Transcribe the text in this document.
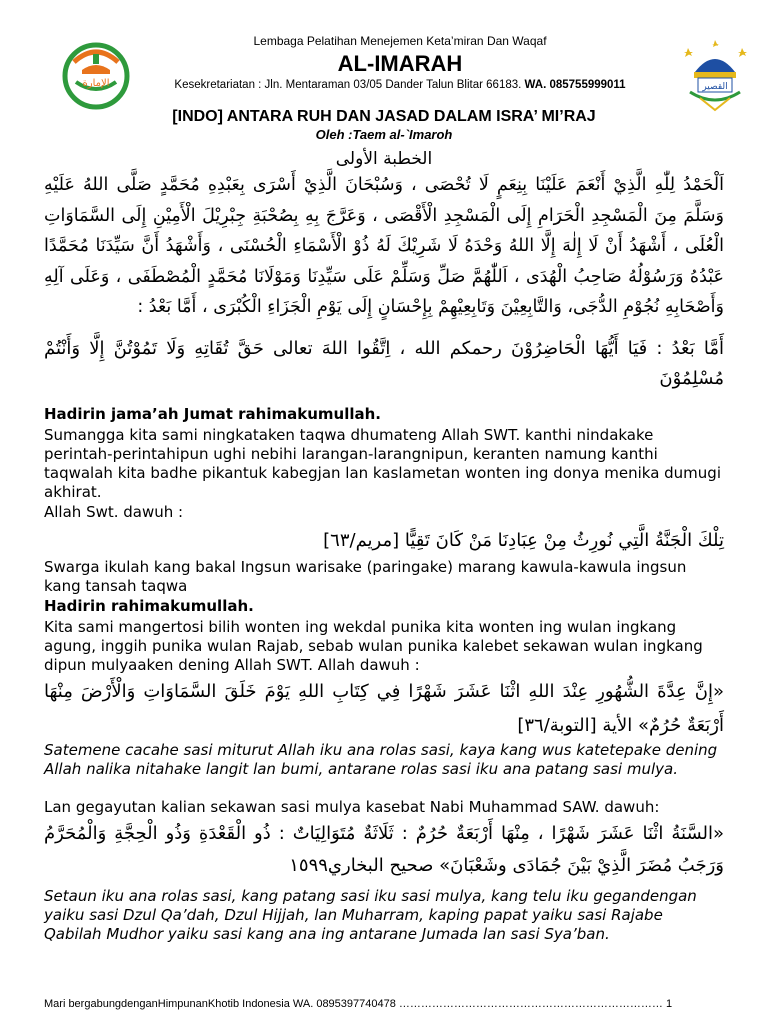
الإمارة
Lembaga Pelatihan Menejemen Keta’miran Dan Waqaf
AL-IMARAH
Kesekretariatan : Jln. Mentaraman 03/05 Dander Talun Blitar 66183. WA. 085755999011	القصير
[INDO] ANTARA RUH DAN JASAD DALAM ISRA’ MI’RAJ
Oleh :Taem al-`Imaroh
الخطبة الأولى
اَلْحَمْدُ لِلّٰهِ الَّذِيْ أَنْعَمَ عَلَيْنَا بِنِعَمٍ لَا تُحْصَى ، وَسُبْحَانَ الَّذِيْ أَسْرَى بِعَبْدِهِ مُحَمَّدٍ صَلَّى اللهُ عَلَيْهِ وَسَلَّمَ مِنَ الْمَسْجِدِ الْحَرَامِ إِلَى الْمَسْجِدِ الْأَقْصَى ، وَعَرَّجَ بِهِ بِصُحْبَةِ جِبْرِيْلَ الْأَمِيْنِ إِلَى السَّمَاوَاتِ الْعُلَى ، أَشْهَدُ أَنْ لَا إِلٰهَ إِلَّا اللهُ وَحْدَهُ لَا شَرِيْكَ لَهُ ذُوْ الْأَسْمَاءِ الْحُسْنَى ، وَأَشْهَدُ أَنَّ سَيِّدَنَا مُحَمَّدًا عَبْدُهُ وَرَسُوْلُهُ صَاحِبُ الْهُدَى ، اَللّٰهُمَّ صَلِّ وَسَلِّمْ عَلَى سَيِّدِنَا وَمَوْلَانَا مُحَمَّدٍ الْمُصْطَفَى ، وَعَلَى آلِهِ وَأَصْحَابِهِ نُجُوْمِ الدُّجَى، وَالتَّابِعِيْنَ وَتَابِعِيْهِمْ بِإِحْسَانٍ إِلَى يَوْمِ الْجَزَاءِ الْكُبْرَى ، أَمَّا بَعْدُ :
أَمَّا بَعْدُ : فَيَا أَيُّهَا الْحَاضِرُوْنَ رحمكم الله ، اِتَّقُوا اللهَ تعالى حَقَّ تُقَاتِهِ وَلَا تَمُوْتُنَّ إِلَّا وَأَنْتُمْ مُسْلِمُوْنَ
Hadirin jama’ah Jumat rahimakumullah.
Sumangga kita sami ningkataken taqwa dhumateng Allah SWT. kanthi nindakake perintah-perintahipun ughi nebihi larangan-larangnipun, keranten namung kanthi taqwalah kita badhe pikantuk kabegjan lan kaslametan wonten ing donya menika dumugi akhirat.
Allah Swt. dawuh :
تِلْكَ الْجَنَّةُ الَّتِي نُورِثُ مِنْ عِبَادِنَا مَنْ كَانَ تَقِيًّا [مريم/٦٣]
Swarga ikulah kang bakal Ingsun warisake (paringake) marang kawula-kawula ingsun kang tansah taqwa
Hadirin rahimakumullah.
Kita sami mangertosi bilih wonten ing wekdal punika kita wonten ing wulan ingkang agung, inggih punika wulan Rajab, sebab wulan punika kalebet sekawan wulan ingkang dipun mulyaaken dening Allah SWT. Allah dawuh :
«إِنَّ عِدَّةَ الشُّهُورِ عِنْدَ اللهِ اثْنَا عَشَرَ شَهْرًا فِي كِتَابِ اللهِ يَوْمَ خَلَقَ السَّمَاوَاتِ وَالْأَرْضَ مِنْهَا أَرْبَعَةٌ حُرُمٌ» الأية [التوبة/٣٦]
Satemene cacahe sasi miturut Allah iku ana rolas sasi, kaya kang wus katetepake dening Allah nalika nitahake langit lan bumi, antarane rolas sasi iku ana patang sasi mulya.
Lan gegayutan kalian sekawan sasi mulya kasebat Nabi Muhammad SAW. dawuh:
«السَّنَةُ اثْنَا عَشَرَ شَهْرًا ، مِنْهَا أَرْبَعَةٌ حُرُمٌ : ثَلَاثَةٌ مُتَوَالِيَاتٌ : ذُو الْقَعْدَةِ وَذُو الْحِجَّةِ وَالْمُحَرَّمُ وَرَجَبُ مُضَرَ الَّذِيْ بَيْنَ جُمَادَى وشَعْبَانَ» صحيح البخاري١٥٩٩
Setaun iku ana rolas sasi, kang patang sasi iku sasi mulya, kang telu iku gegandengan yaiku sasi Dzul Qa’dah, Dzul Hijjah, lan Muharram, kaping papat yaiku sasi Rajabe Qabilah Mudhor yaiku sasi kang ana ing antarane Jumada lan sasi Sya’ban.
Mari bergabungdenganHimpunanKhotib Indonesia WA. 0895397740478 ……………………………………………………………… 1
